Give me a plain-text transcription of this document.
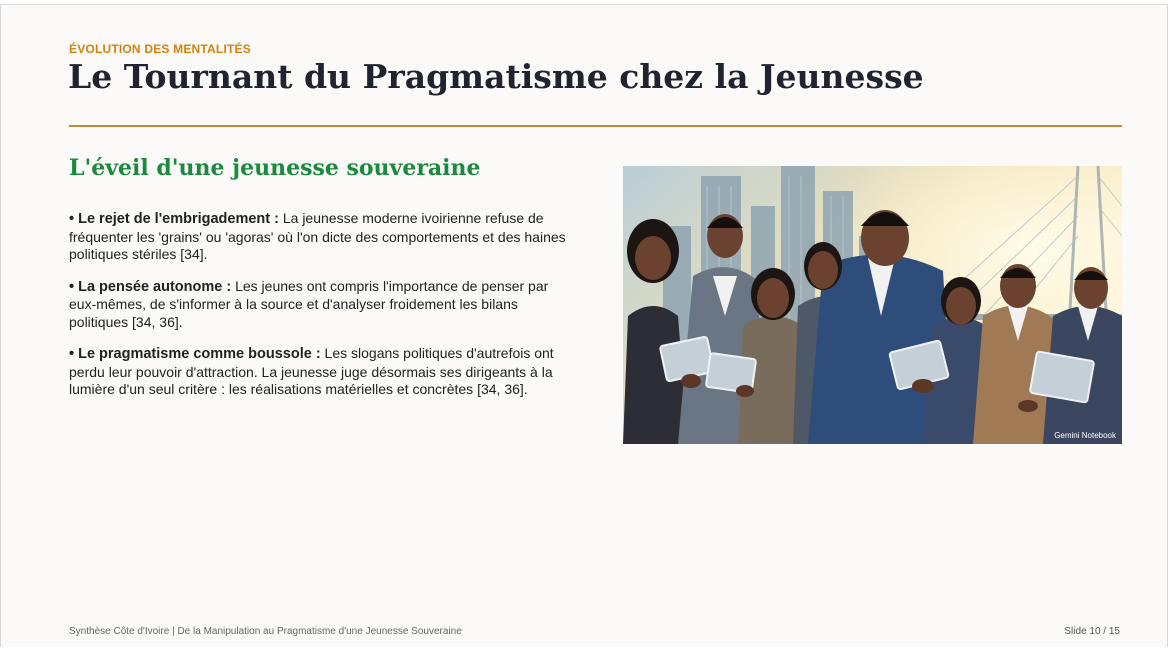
ÉVOLUTION DES MENTALITÉS
Le Tournant du Pragmatisme chez la Jeunesse
L'éveil d'une jeunesse souveraine
• Le rejet de l'embrigadement : La jeunesse moderne ivoirienne refuse de fréquenter les 'grains' ou 'agoras' où l'on dicte des comportements et des haines politiques stériles [34].
• La pensée autonome : Les jeunes ont compris l'importance de penser par eux-mêmes, de s'informer à la source et d'analyser froidement les bilans politiques [34, 36].
• Le pragmatisme comme boussole : Les slogans politiques d'autrefois ont perdu leur pouvoir d'attraction. La jeunesse juge désormais ses dirigeants à la lumière d'un seul critère : les réalisations matérielles et concrètes [34, 36].
Gemini Notebook
Synthèse Côte d'Ivoire | De la Manipulation au Pragmatisme d'une Jeunesse Souveraine	Slide 10 / 15
